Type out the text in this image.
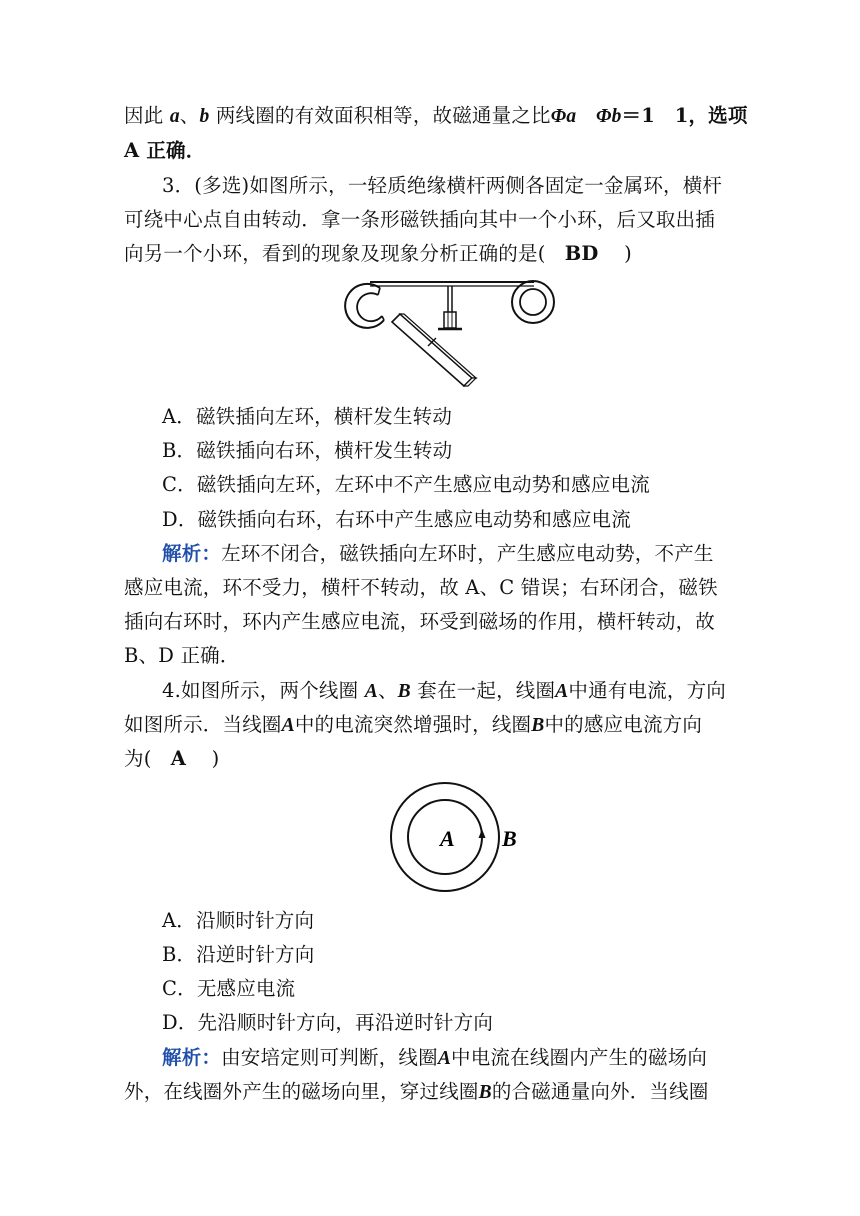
因此 a、b 两线圈的有效面积相等，故磁通量之比Φa　 Φb＝1　1，选项
A 正确．
3．(多选)如图所示，一轻质绝缘横杆两侧各固定一金属环，横杆
可绕中心点自由转动．拿一条形磁铁插向其中一个小环，后又取出插
向另一个小环，看到的现象及现象分析正确的是( BD )
A．磁铁插向左环，横杆发生转动
B．磁铁插向右环，横杆发生转动
C．磁铁插向左环，左环中不产生感应电动势和感应电流
D．磁铁插向右环，右环中产生感应电动势和感应电流
解析：左环不闭合，磁铁插向左环时，产生感应电动势，不产生
感应电流，环不受力，横杆不转动，故 A、C 错误；右环闭合，磁铁
插向右环时，环内产生感应电流，环受到磁场的作用，横杆转动，故
B、D 正确．
4.如图所示，两个线圈 A、B 套在一起，线圈A中通有电流，方向
如图所示．当线圈A中的电流突然增强时，线圈B中的感应电流方向
为( A )
A B
A．沿顺时针方向
B．沿逆时针方向
C．无感应电流
D．先沿顺时针方向，再沿逆时针方向
解析：由安培定则可判断，线圈A中电流在线圈内产生的磁场向
外，在线圈外产生的磁场向里，穿过线圈B的合磁通量向外．当线圈
